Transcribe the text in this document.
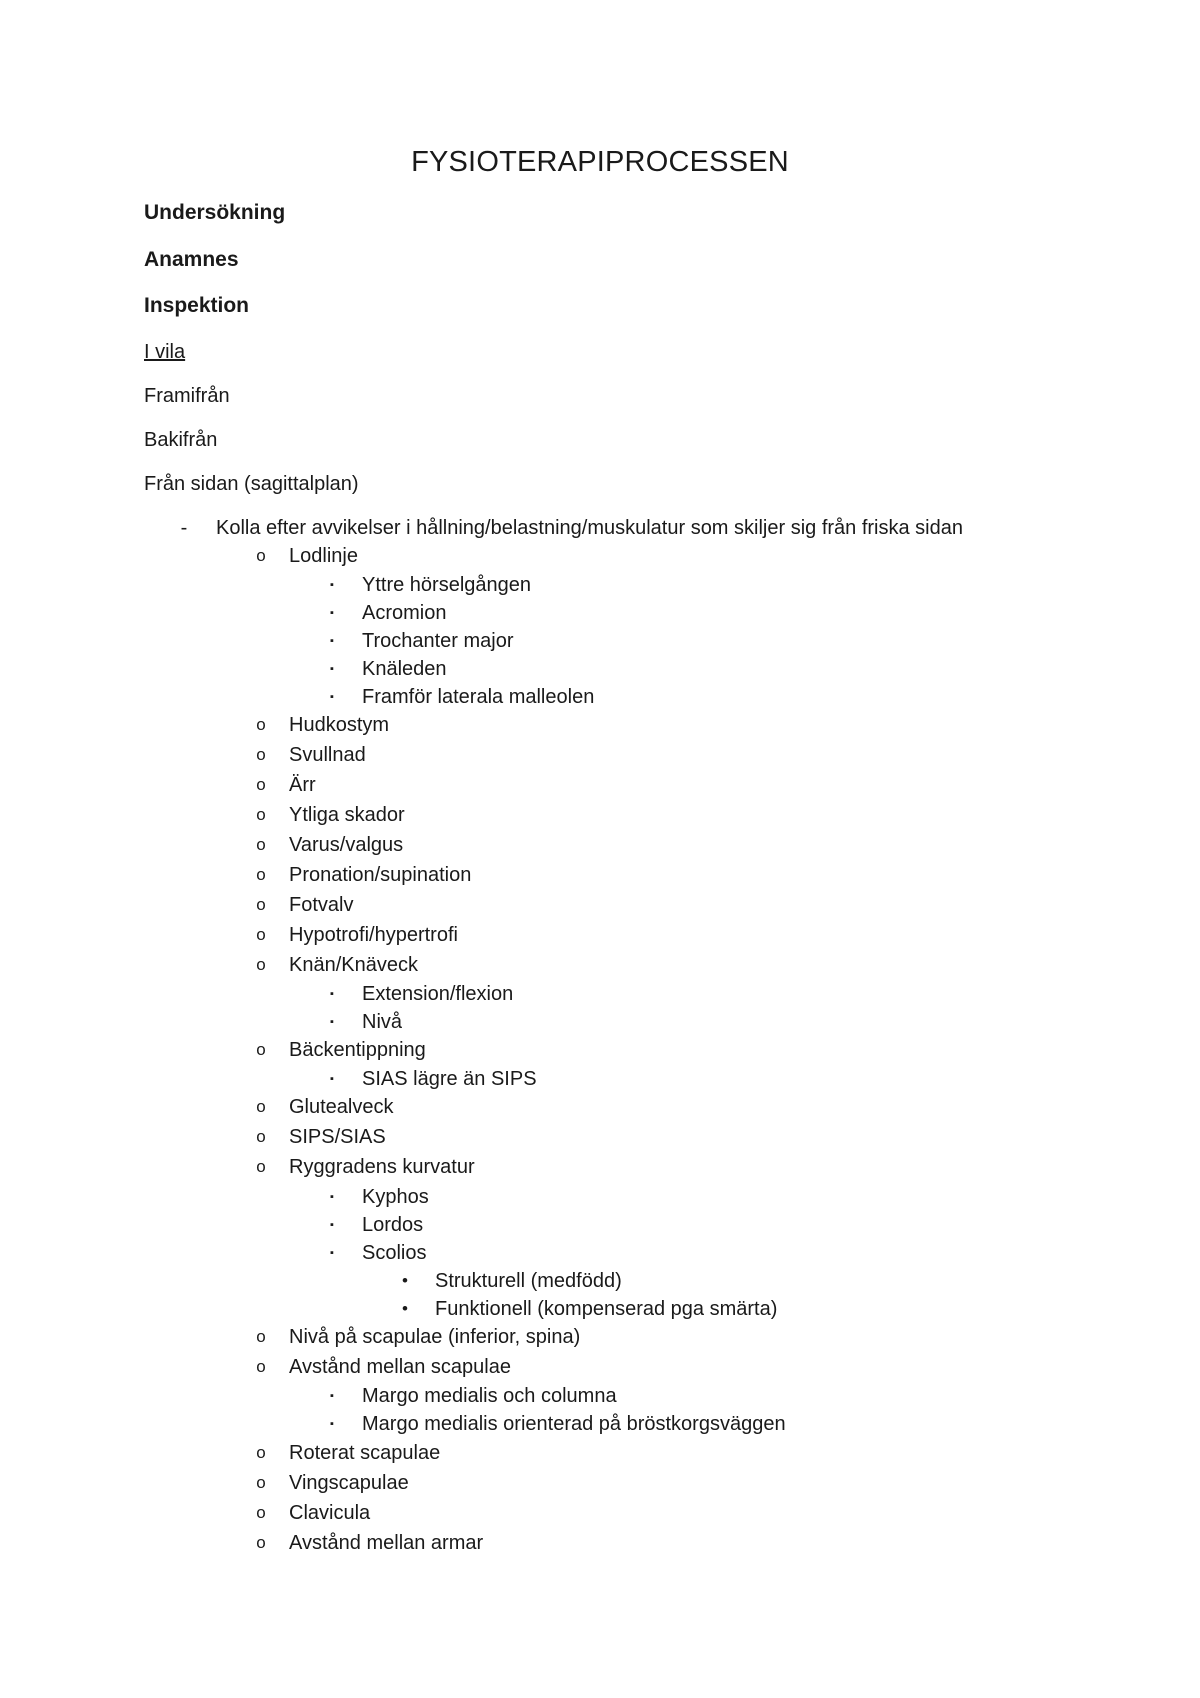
FYSIOTERAPIPROCESSEN

Undersökning

Anamnes

Inspektion

I vila

Framifrån

Bakifrån

Från sidan (sagittalplan)

- Kolla efter avvikelser i hållning/belastning/muskulatur som skiljer sig från friska sidan
o Lodlinje
▪	Yttre hörselgången
▪	Acromion
▪	Trochanter major
▪	Knäleden
▪	Framför laterala malleolen
o Hudkostym
o Svullnad
o Ärr
o Ytliga skador
o Varus/valgus
o Pronation/supination
o Fotvalv
o Hypotrofi/hypertrofi
o Knän/Knäveck
▪	Extension/flexion
▪	Nivå
o Bäckentippning
▪	SIAS lägre än SIPS
o Glutealveck
o SIPS/SIAS
o Ryggradens kurvatur
▪	Kyphos
▪	Lordos
▪	Scolios
•	Strukturell (medfödd)
•	Funktionell (kompenserad pga smärta)
o Nivå på scapulae (inferior, spina)
o Avstånd mellan scapulae
▪	Margo medialis och columna
▪	Margo medialis orienterad på bröstkorgsväggen
o Roterat scapulae
o Vingscapulae
o Clavicula
o Avstånd mellan armar
